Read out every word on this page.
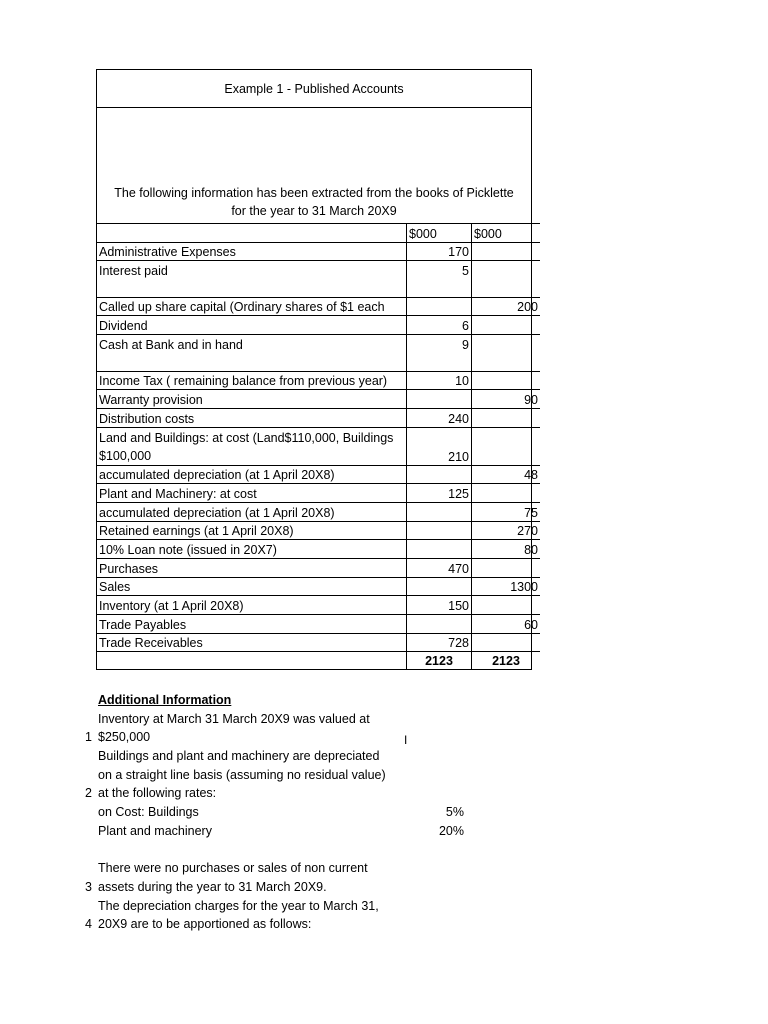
Example 1 - Published Accounts
The following information has been extracted from the books of Picklette
for the year to 31 March 20X9
	$000	$000
Administrative Expenses	170	
Interest paid	5	

Called up share capital (Ordinary shares of $1 each		200
Dividend	6	
Cash at Bank and in hand	9	

Income Tax ( remaining balance from previous year)	10	
Warranty provision		90
Distribution costs	240	
Land and Buildings: at cost (Land$110,000, Buildings $100,000	210	
accumulated depreciation (at 1 April 20X8)		48
Plant and Machinery: at cost	125	
accumulated depreciation (at 1 April 20X8)		75
Retained earnings (at 1 April 20X8)		270
10% Loan note (issued in 20X7)		80
Purchases	470	
Sales		1300
Inventory (at 1 April 20X8)	150	
Trade Payables		60
Trade Receivables	728	
	2123	2123
I
Additional Information
Inventory at March 31 March 20X9 was valued at
1 $250,000
Buildings and plant and machinery are depreciated
on a straight line basis (assuming no residual value)
2 at the following rates:
on Cost: Buildings	5%
Plant and machinery	20%
There were no purchases or sales of non current
3 assets during the year to 31 March 20X9.
The depreciation charges for the year to March 31,
4 20X9 are to be apportioned as follows:
